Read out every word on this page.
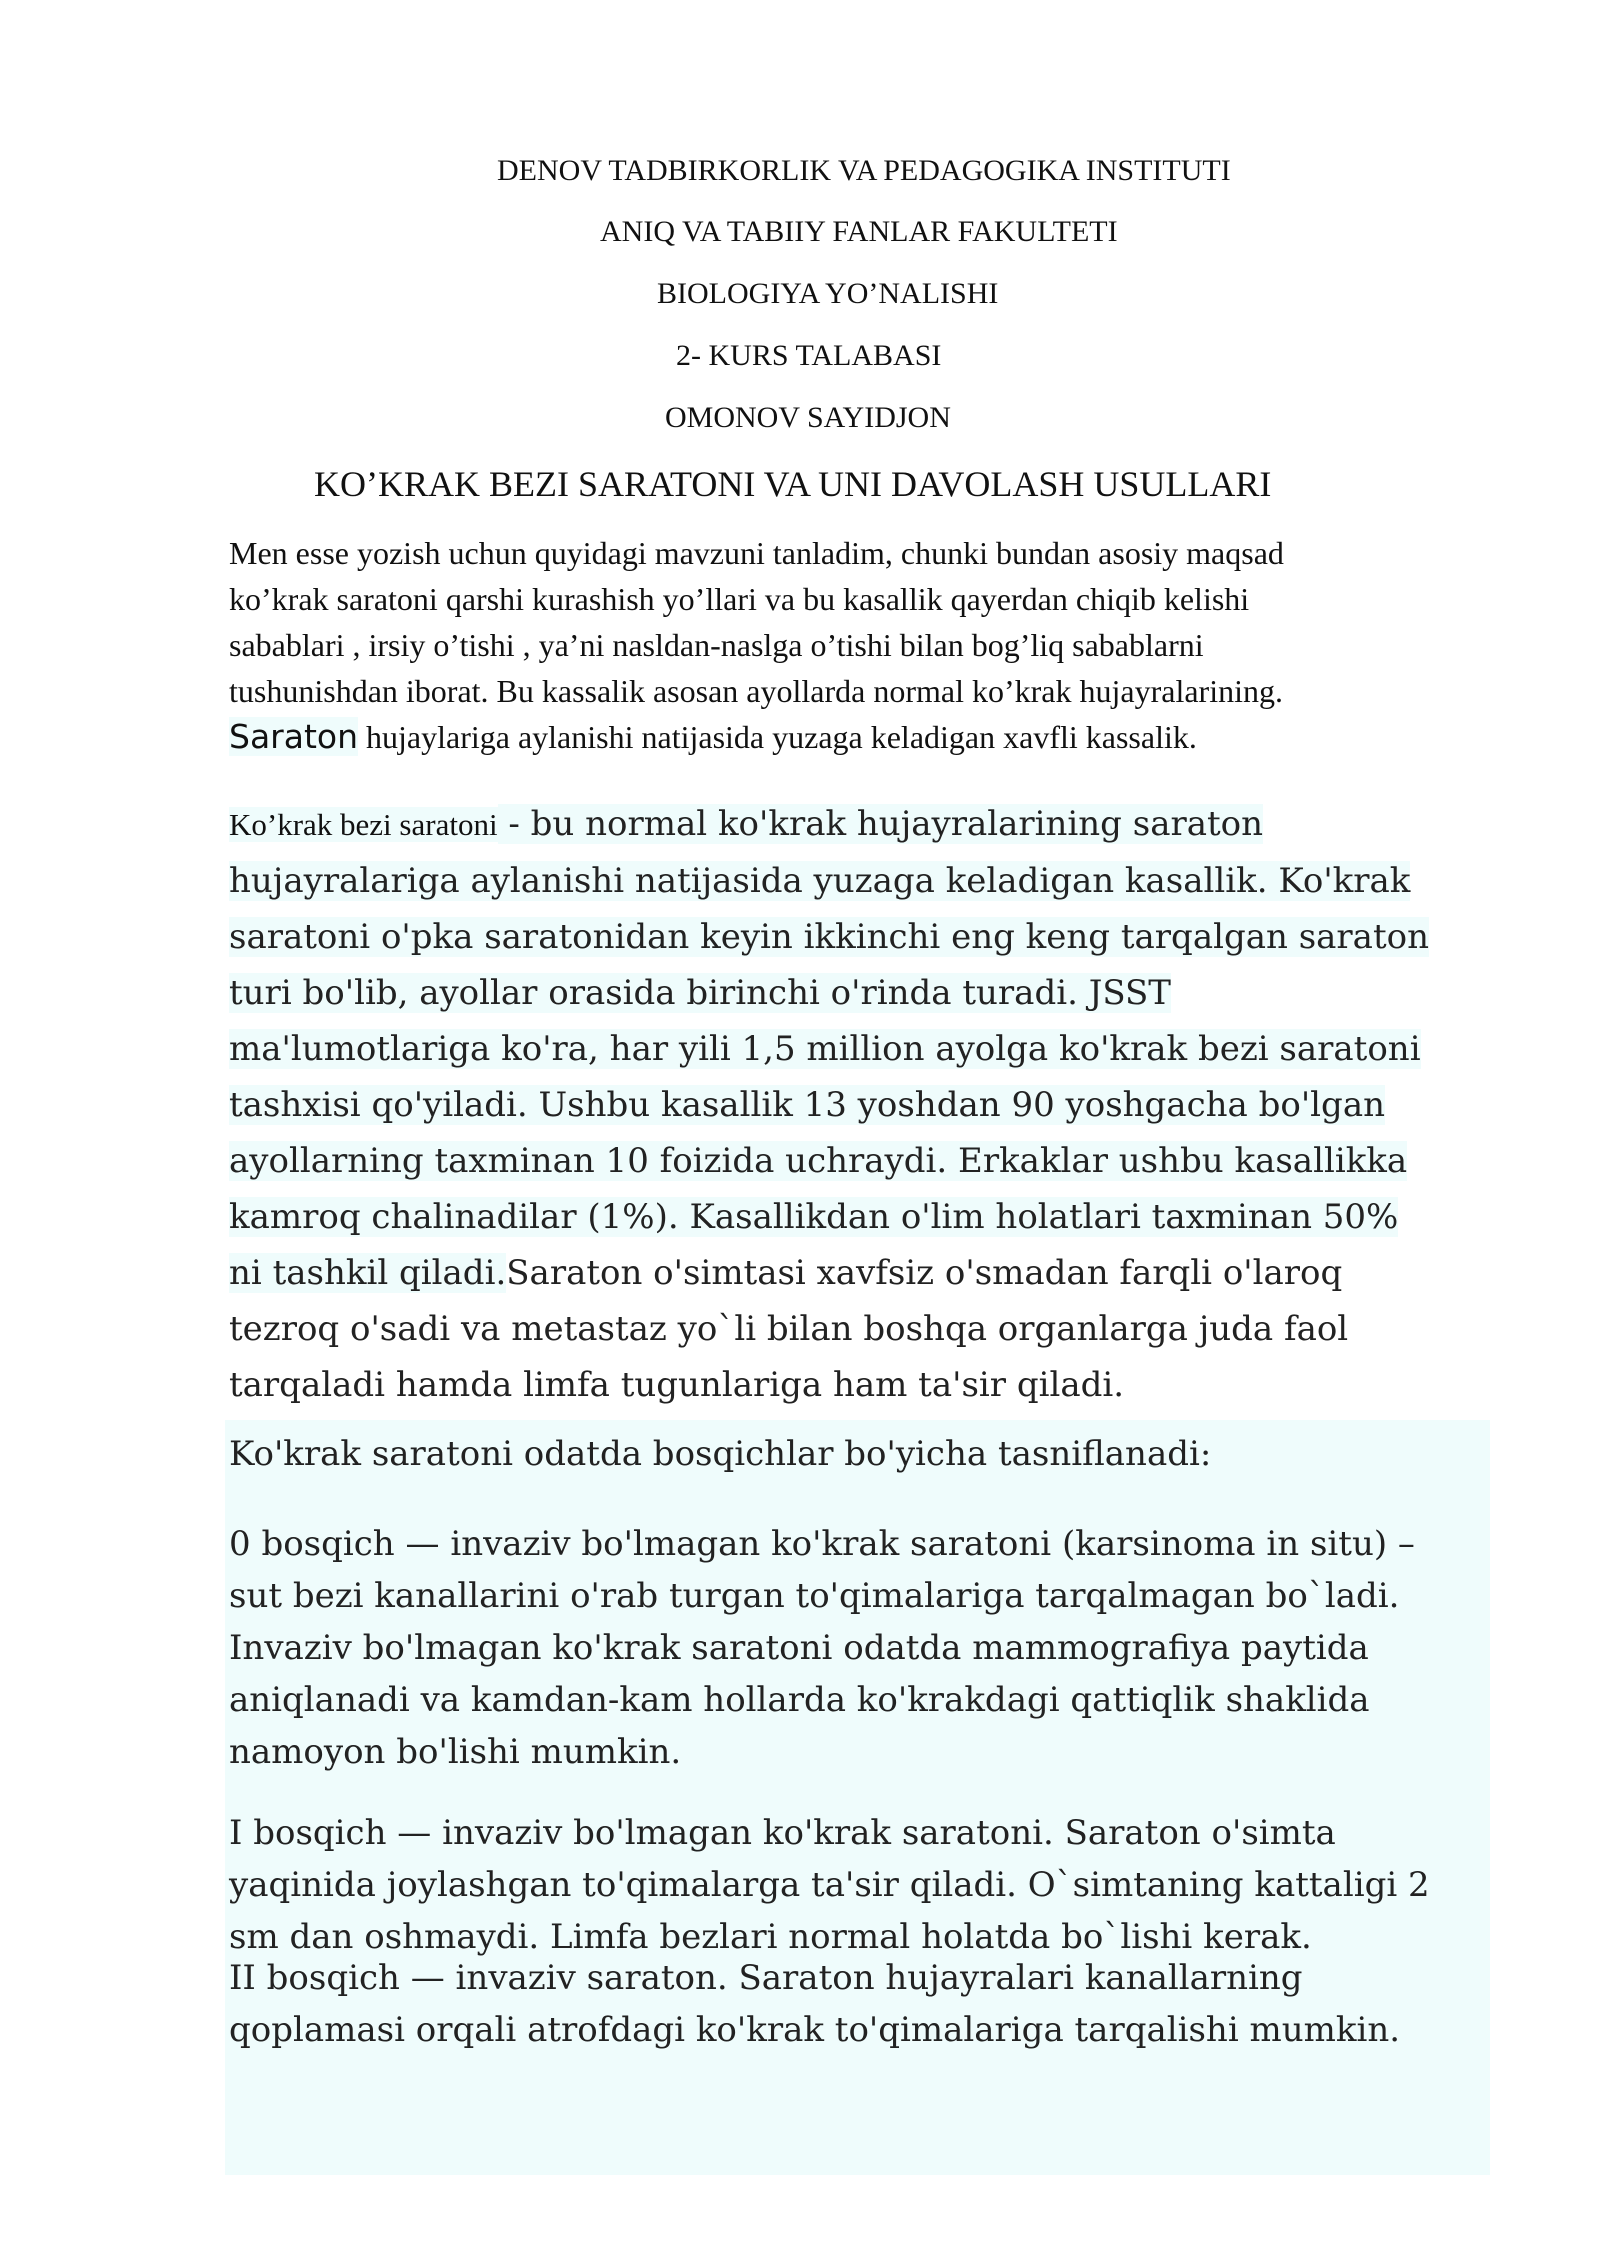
DENOV TADBIRKORLIK VA PEDAGOGIKA INSTITUTI
ANIQ VA TABIIY FANLAR FAKULTETI
BIOLOGIYA YO’NALISHI
2- KURS TALABASI
OMONOV SAYIDJON
KO’KRAK BEZI SARATONI VA UNI DAVOLASH USULLARI
Men esse yozish uchun quyidagi mavzuni tanladim, chunki bundan asosiy maqsad
ko’krak saratoni qarshi kurashish yo’llari va bu kasallik qayerdan chiqib kelishi
sabablari , irsiy o’tishi , ya’ni nasldan-naslga o’tishi bilan bog’liq sabablarni
tushunishdan iborat. Bu kassalik asosan ayollarda normal ko’krak hujayralarining.
Saraton hujaylariga aylanishi natijasida yuzaga keladigan xavfli kassalik.
Ko’krak bezi saratoni - bu normal ko'krak hujayralarining saraton
hujayralariga aylanishi natijasida yuzaga keladigan kasallik. Ko'krak
saratoni o'pka saratonidan keyin ikkinchi eng keng tarqalgan saraton
turi bo'lib, ayollar orasida birinchi o'rinda turadi. JSST
ma'lumotlariga ko'ra, har yili 1,5 million ayolga ko'krak bezi saratoni
tashxisi qo'yiladi. Ushbu kasallik 13 yoshdan 90 yoshgacha bo'lgan
ayollarning taxminan 10 foizida uchraydi. Erkaklar ushbu kasallikka
kamroq chalinadilar (1%). Kasallikdan o'lim holatlari taxminan 50%
ni tashkil qiladi.Saraton o'simtasi xavfsiz o'smadan farqli o'laroq
tezroq o'sadi va metastaz yo`li bilan boshqa organlarga juda faol
tarqaladi hamda limfa tugunlariga ham ta'sir qiladi.
Ko'krak saratoni odatda bosqichlar bo'yicha tasniflanadi:
0 bosqich — invaziv bo'lmagan ko'krak saratoni (karsinoma in situ) –
sut bezi kanallarini o'rab turgan to'qimalariga tarqalmagan bo`ladi.
Invaziv bo'lmagan ko'krak saratoni odatda mammografiya paytida
aniqlanadi va kamdan-kam hollarda ko'krakdagi qattiqlik shaklida
namoyon bo'lishi mumkin.
I bosqich — invaziv bo'lmagan ko'krak saratoni. Saraton o'simta
yaqinida joylashgan to'qimalarga ta'sir qiladi. O`simtaning kattaligi 2
sm dan oshmaydi. Limfa bezlari normal holatda bo`lishi kerak.
II bosqich — invaziv saraton. Saraton hujayralari kanallarning
qoplamasi orqali atrofdagi ko'krak to'qimalariga tarqalishi mumkin.
